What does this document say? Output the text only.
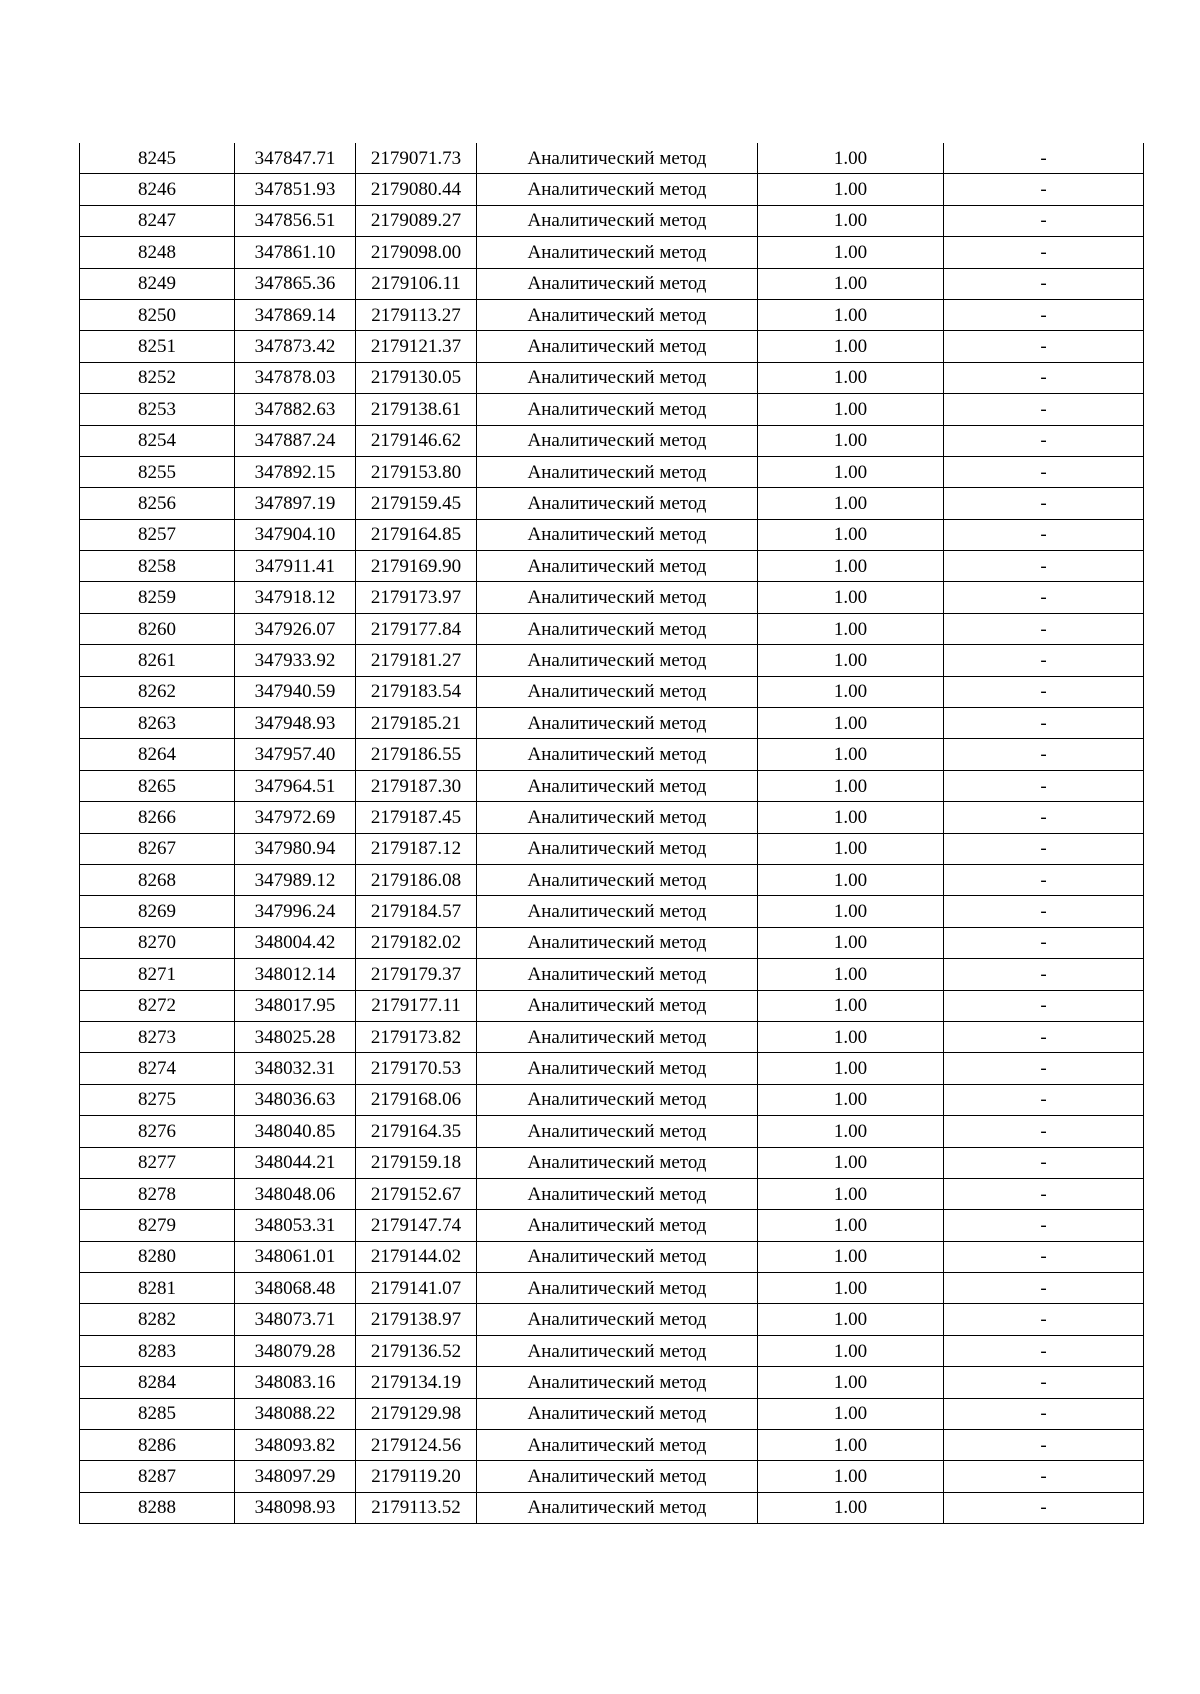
8245	347847.71	2179071.73	Аналитический метод	1.00	-
8246	347851.93	2179080.44	Аналитический метод	1.00	-
8247	347856.51	2179089.27	Аналитический метод	1.00	-
8248	347861.10	2179098.00	Аналитический метод	1.00	-
8249	347865.36	2179106.11	Аналитический метод	1.00	-
8250	347869.14	2179113.27	Аналитический метод	1.00	-
8251	347873.42	2179121.37	Аналитический метод	1.00	-
8252	347878.03	2179130.05	Аналитический метод	1.00	-
8253	347882.63	2179138.61	Аналитический метод	1.00	-
8254	347887.24	2179146.62	Аналитический метод	1.00	-
8255	347892.15	2179153.80	Аналитический метод	1.00	-
8256	347897.19	2179159.45	Аналитический метод	1.00	-
8257	347904.10	2179164.85	Аналитический метод	1.00	-
8258	347911.41	2179169.90	Аналитический метод	1.00	-
8259	347918.12	2179173.97	Аналитический метод	1.00	-
8260	347926.07	2179177.84	Аналитический метод	1.00	-
8261	347933.92	2179181.27	Аналитический метод	1.00	-
8262	347940.59	2179183.54	Аналитический метод	1.00	-
8263	347948.93	2179185.21	Аналитический метод	1.00	-
8264	347957.40	2179186.55	Аналитический метод	1.00	-
8265	347964.51	2179187.30	Аналитический метод	1.00	-
8266	347972.69	2179187.45	Аналитический метод	1.00	-
8267	347980.94	2179187.12	Аналитический метод	1.00	-
8268	347989.12	2179186.08	Аналитический метод	1.00	-
8269	347996.24	2179184.57	Аналитический метод	1.00	-
8270	348004.42	2179182.02	Аналитический метод	1.00	-
8271	348012.14	2179179.37	Аналитический метод	1.00	-
8272	348017.95	2179177.11	Аналитический метод	1.00	-
8273	348025.28	2179173.82	Аналитический метод	1.00	-
8274	348032.31	2179170.53	Аналитический метод	1.00	-
8275	348036.63	2179168.06	Аналитический метод	1.00	-
8276	348040.85	2179164.35	Аналитический метод	1.00	-
8277	348044.21	2179159.18	Аналитический метод	1.00	-
8278	348048.06	2179152.67	Аналитический метод	1.00	-
8279	348053.31	2179147.74	Аналитический метод	1.00	-
8280	348061.01	2179144.02	Аналитический метод	1.00	-
8281	348068.48	2179141.07	Аналитический метод	1.00	-
8282	348073.71	2179138.97	Аналитический метод	1.00	-
8283	348079.28	2179136.52	Аналитический метод	1.00	-
8284	348083.16	2179134.19	Аналитический метод	1.00	-
8285	348088.22	2179129.98	Аналитический метод	1.00	-
8286	348093.82	2179124.56	Аналитический метод	1.00	-
8287	348097.29	2179119.20	Аналитический метод	1.00	-
8288	348098.93	2179113.52	Аналитический метод	1.00	-
